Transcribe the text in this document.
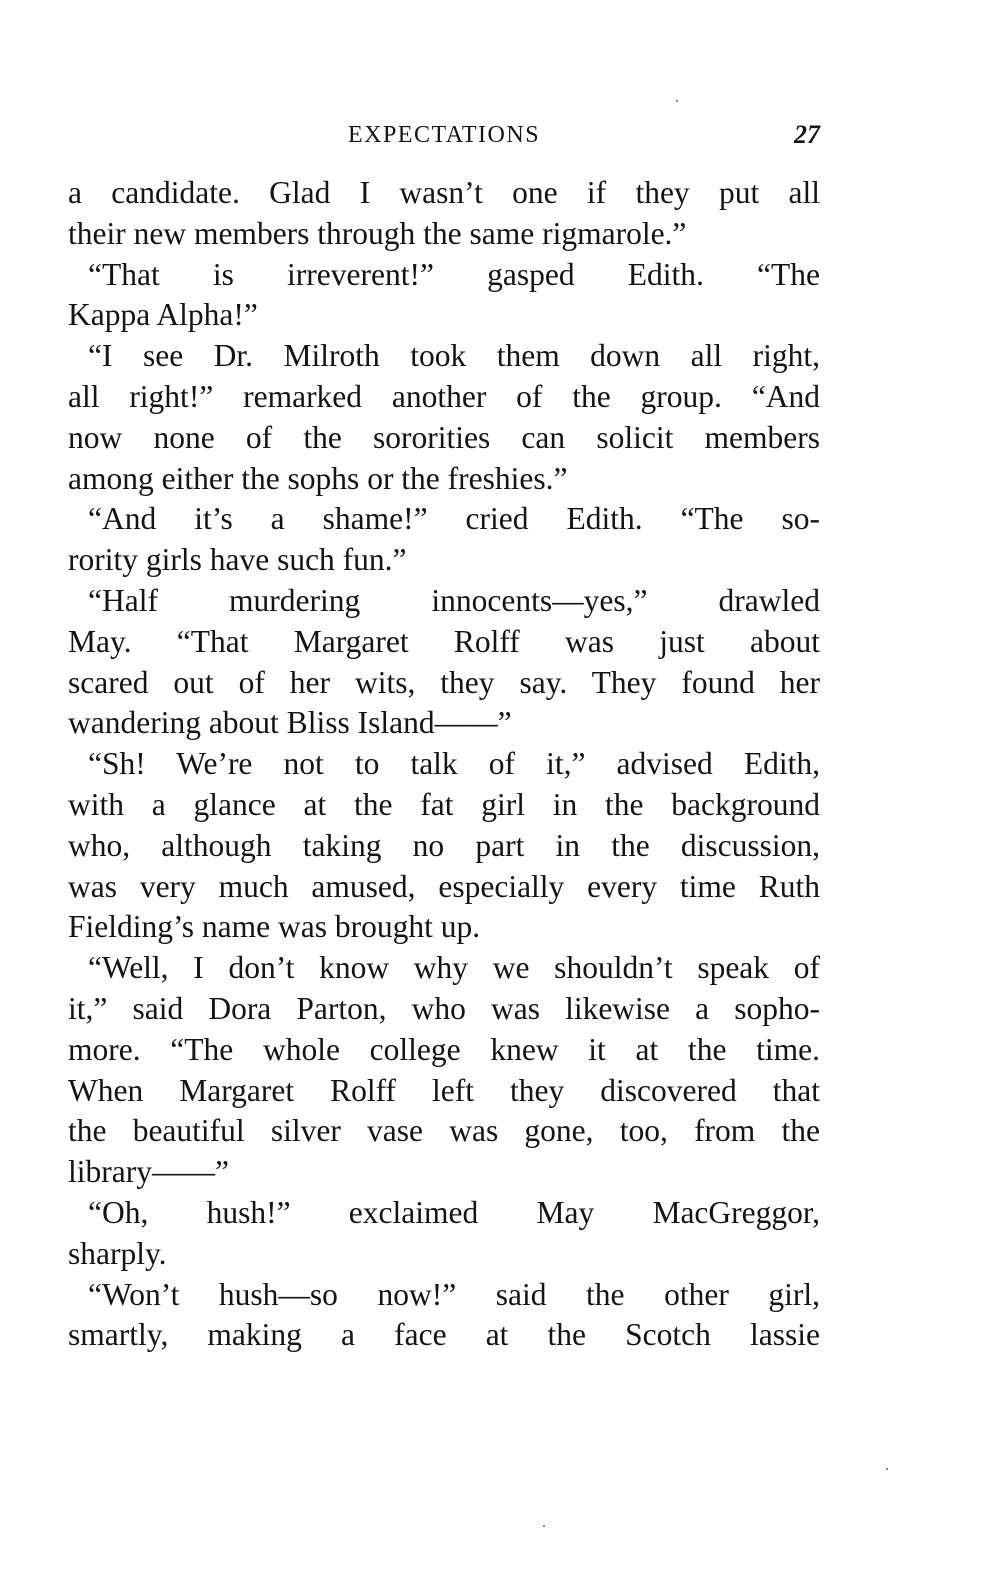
EXPECTATIONS	27
a candidate. Glad I wasn’t one if they put all
their new members through the same rigmarole.”
“That is irreverent!” gasped Edith. “The
Kappa Alpha!”
“I see Dr. Milroth took them down all right,
all right!” remarked another of the group. “And
now none of the sororities can solicit members
among either the sophs or the freshies.”
“And it’s a shame!” cried Edith. “The so-
rority girls have such fun.”
“Half murdering innocents—yes,” drawled
May. “That Margaret Rolff was just about
scared out of her wits, they say. They found her
wandering about Bliss Island——”
“Sh! We’re not to talk of it,” advised Edith,
with a glance at the fat girl in the background
who, although taking no part in the discussion,
was very much amused, especially every time Ruth
Fielding’s name was brought up.
“Well, I don’t know why we shouldn’t speak of
it,” said Dora Parton, who was likewise a sopho-
more. “The whole college knew it at the time.
When Margaret Rolff left they discovered that
the beautiful silver vase was gone, too, from the
library——”
“Oh, hush!” exclaimed May MacGreggor,
sharply.
“Won’t hush—so now!” said the other girl,
smartly, making a face at the Scotch lassie
